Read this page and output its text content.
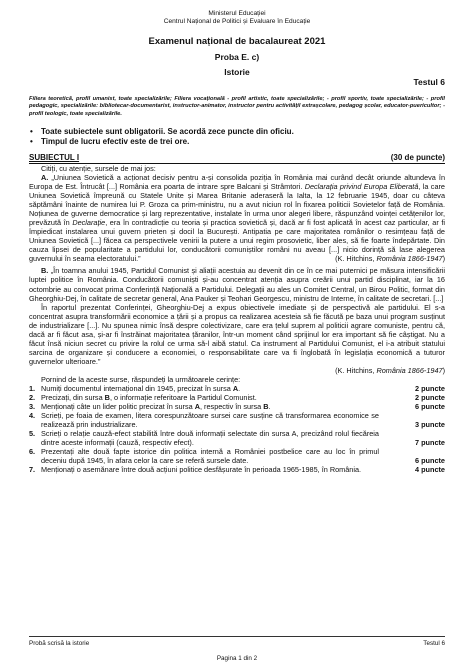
Ministerul Educației
Centrul Național de Politici și Evaluare în Educație
Examenul național de bacalaureat 2021
Proba E. c)
Istorie
Testul 6
Filiera teoretică, profil umanist, toate specializările; Filiera vocațională - profil artistic, toate specializările; - profil sportiv, toate specializările; - profil pedagogic, specializările: bibliotecar-documentarist, instructor-animator, instructor pentru activitățil extrașcolare, pedagog școlar, educator-puericultor; - profil teologic, toate specializările.
• Toate subiectele sunt obligatorii. Se acordă zece puncte din oficiu.
• Timpul de lucru efectiv este de trei ore.
SUBIECTUL I	(30 de puncte)
Citiți, cu atenție, sursele de mai jos:
A. „Uniunea Sovietică a acționat decisiv pentru a-și consolida poziția în România mai curând decât oriunde altundeva în Europa de Est. Întrucât [...] România era poarta de intrare spre Balcani și Strâmtori. Declarația privind Europa Eliberată, la care Uniunea Sovietică împreună cu Statele Unite și Marea Britanie aderaseră la Ialta, la 12 februarie 1945, doar cu câteva săptămâni înainte de numirea lui P. Groza ca prim-ministru, nu a avut niciun rol în fixarea politicii Sovietelor față de România. Noțiunea de guverne democratice și larg reprezentative, instalate în urma unor alegeri libere, răspunzând voinței cetățenilor lor, prevăzută în Declarație, era în contradicție cu teoria și practica sovietică și, dacă ar fi fost aplicată în acest caz particular, ar fi împiedicat instalarea unui guvern prieten și docil la București. Antipatia pe care majoritatea românilor o resimțeau față de Uniunea Sovietică [...] făcea ca perspectivele venirii la putere a unui regim prosovietic, liber ales, să fie foarte îndepărtate. Din cauza lipsei de popularitate a partidului lor, conducătorii comuniștilor români nu aveau [...] nicio dorință să lase alegerea guvernului în seama electoratului.”	(K. Hitchins, România 1866-1947)
B. „În toamna anului 1945, Partidul Comunist și aliații acestuia au devenit din ce în ce mai puternici pe măsura intensificării luptei politice în România. Conducătorii comuniști și-au concentrat atenția asupra creării unui partid disciplinat, iar la 16 octombrie au convocat prima Conferință Națională a Partidului. Delegații au ales un Comitet Central, un Birou Politic, format din Gheorghiu-Dej, în calitate de secretar general, Ana Pauker și Teohari Georgescu, ministru de Interne, în calitate de secretari. [...]
În raportul prezentat Conferinței, Gheorghiu-Dej a expus obiectivele imediate și de perspectivă ale partidului. El s-a concentrat asupra transformării economice a țării și a propus ca realizarea acesteia să fie făcută pe baza unui program susținut de industrializare [...]. Nu spunea nimic însă despre colectivizare, care era țelul suprem al politicii agrare comuniste, pentru că, dacă ar fi făcut asa, și-ar fi înstrăinat majoritatea țăranilor, într-un moment când sprijinul lor era important să fie câștigat. Nu a făcut însă niciun secret cu privire la rolul ce urma să-l aibă statul. Ca instrument al Partidului Comunist, el i-a atribuit statului sarcina de organizare și conducere a economiei, o responsabilitate care va fi înglobată în legislația economică a tuturor guvernelor ulterioare.”
(K. Hitchins, România 1866-1947)
Pornind de la aceste surse, răspundeți la următoarele cerințe:
1. Numiți documentul internațional din 1945, precizat în sursa A.	2 puncte
2. Precizați, din sursa B, o informație referitoare la Partidul Comunist.	2 puncte
3. Menționați câte un lider politic precizat în sursa A, respectiv în sursa B.	6 puncte
4. Scrieți, pe foaia de examen, litera corespunzătoare sursei care susține că transformarea economice se realizează prin industrializare.	3 puncte
5. Scrieți o relație cauză-efect stabilită între două informații selectate din sursa A, precizând rolul fiecăreia dintre aceste informații (cauză, respectiv efect).	7 puncte
6. Prezentați alte două fapte istorice din politica internă a României postbelice care au loc în primul deceniu după 1945, în afara celor la care se referă sursele date.	6 puncte
7. Menționați o asemănare între două acțiuni politice desfășurate în perioada 1965-1985, în România.	4 puncte
Probă scrisă la istorie	Testul 6
Pagina 1 din 2
